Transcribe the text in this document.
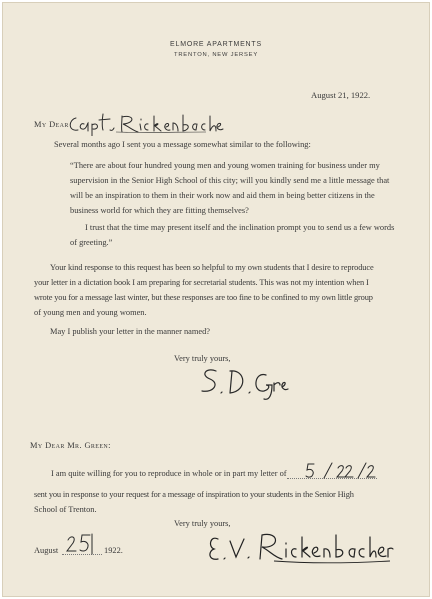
ELMORE APARTMENTS
TRENTON, NEW JERSEY
August 21, 1922.
My Dear
Several months ago I sent you a message somewhat similar to the following:
“There are about four hundred young men and young women training for business under my
supervision in the Senior High School of this city; will you kindly send me a little message that
will be an inspiration to them in their work now and aid them in being better citizens in the
business world for which they are fitting themselves?
I trust that the time may present itself and the inclination prompt you to send us a few words
of greeting.”
Your kind response to this request has been so helpful to my own students that I desire to reproduce
your letter in a dictation book I am preparing for secretarial students. This was not my intention when I
wrote you for a message last winter, but these responses are too fine to be confined to my own little group
of young men and young women.
May I publish your letter in the manner named?
Very truly yours,
My Dear Mr. Green:
I am quite willing for you to reproduce in whole or in part my letter of
sent you in response to your request for a message of inspiration to your students in the Senior High
School of Trenton.
Very truly yours,
August	1922.
